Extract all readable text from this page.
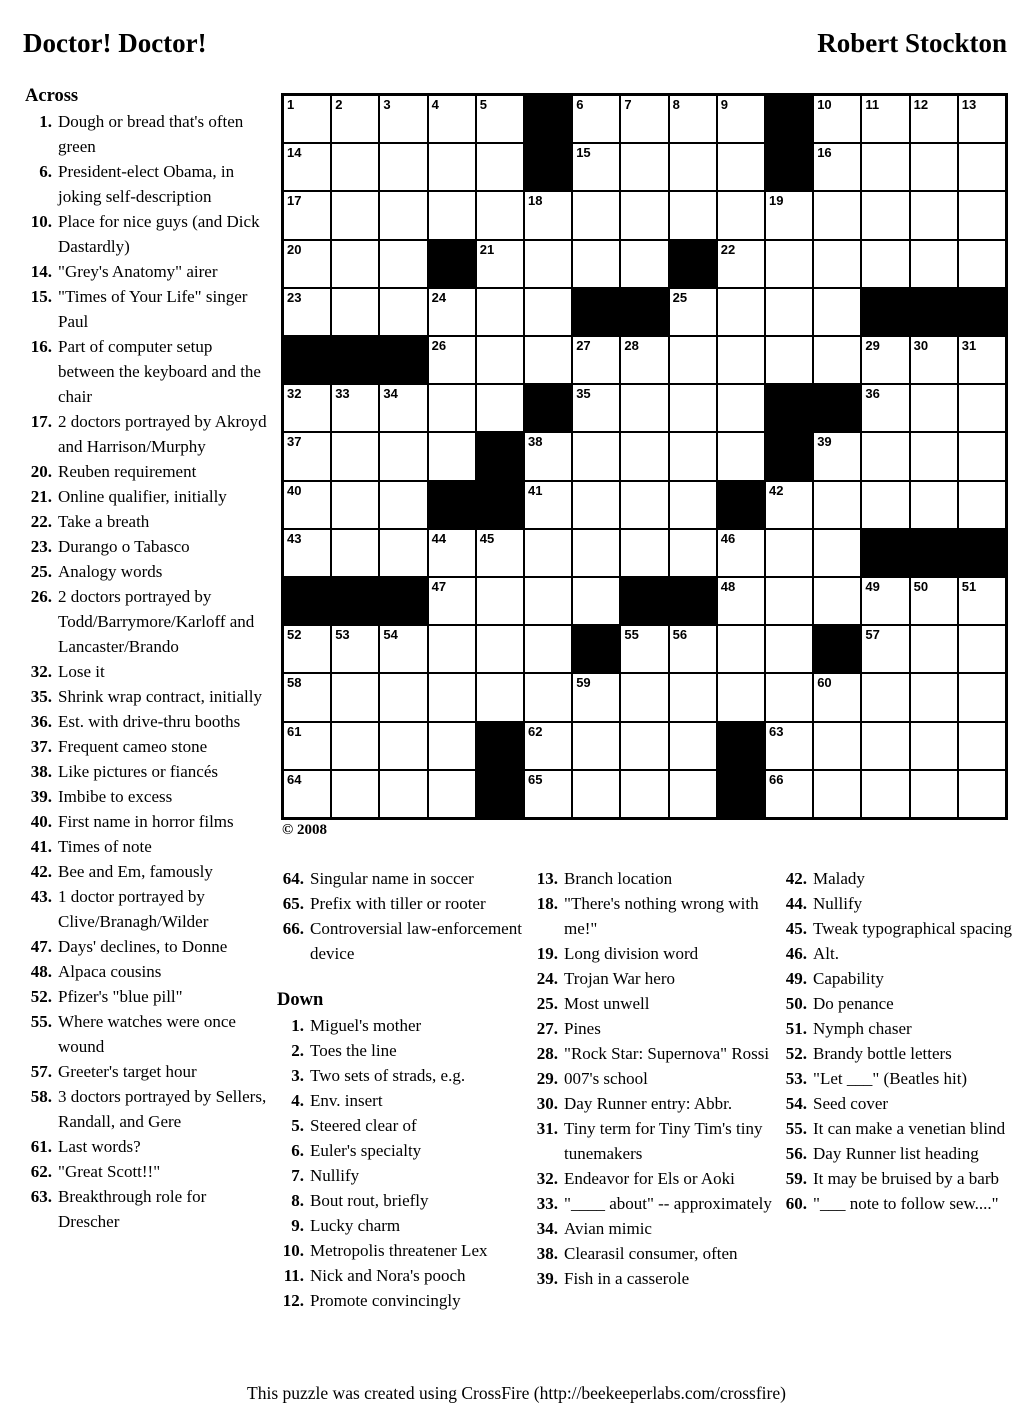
Doctor! Doctor!	Robert Stockton
Across
1. Dough or bread that's often green
6. President-elect Obama, in joking self-description
10. Place for nice guys (and Dick Dastardly)
14. "Grey's Anatomy" airer
15. "Times of Your Life" singer Paul
16. Part of computer setup between the keyboard and the chair
17. 2 doctors portrayed by Akroyd and Harrison/Murphy
20. Reuben requirement
21. Online qualifier, initially
22. Take a breath
23. Durango o Tabasco
25. Analogy words
26. 2 doctors portrayed by Todd/Barrymore/Karloff and Lancaster/Brando
32. Lose it
35. Shrink wrap contract, initially
36. Est. with drive-thru booths
37. Frequent cameo stone
38. Like pictures or fiancés
39. Imbibe to excess
40. First name in horror films
41. Times of note
42. Bee and Em, famously
43. 1 doctor portrayed by Clive/Branagh/Wilder
47. Days' declines, to Donne
48. Alpaca cousins
52. Pfizer's "blue pill"
55. Where watches were once wound
57. Greeter's target hour
58. 3 doctors portrayed by Sellers, Randall, and Gere
61. Last words?
62. "Great Scott!!"
63. Breakthrough role for Drescher
1	2	3	4	5	6	7	8	9	10	11	12	13
14	15	16
17	18	19
20	21	22
23	24	25
26	27	28	29	30	31
32	33	34	35	36
37	38	39
40	41	42
43	44	45	46
47	48	49	50	51
52	53	54	55	56	57
58	59	60
61	62	63
64	65	66
© 2008
64. Singular name in soccer
65. Prefix with tiller or rooter
66. Controversial law-enforcement device
Down
1. Miguel's mother
2. Toes the line
3. Two sets of strads, e.g.
4. Env. insert
5. Steered clear of
6. Euler's specialty
7. Nullify
8. Bout rout, briefly
9. Lucky charm
10. Metropolis threatener Lex
11. Nick and Nora's pooch
12. Promote convincingly
13. Branch location
18. "There's nothing wrong with me!"
19. Long division word
24. Trojan War hero
25. Most unwell
27. Pines
28. "Rock Star: Supernova" Rossi
29. 007's school
30. Day Runner entry: Abbr.
31. Tiny term for Tiny Tim's tiny tunemakers
32. Endeavor for Els or Aoki
33. "____ about" -- approximately
34. Avian mimic
38. Clearasil consumer, often
39. Fish in a casserole
42. Malady
44. Nullify
45. Tweak typographical spacing
46. Alt.
49. Capability
50. Do penance
51. Nymph chaser
52. Brandy bottle letters
53. "Let ___" (Beatles hit)
54. Seed cover
55. It can make a venetian blind
56. Day Runner list heading
59. It may be bruised by a barb
60. "___ note to follow sew...."
This puzzle was created using CrossFire (http://beekeeperlabs.com/crossfire)
